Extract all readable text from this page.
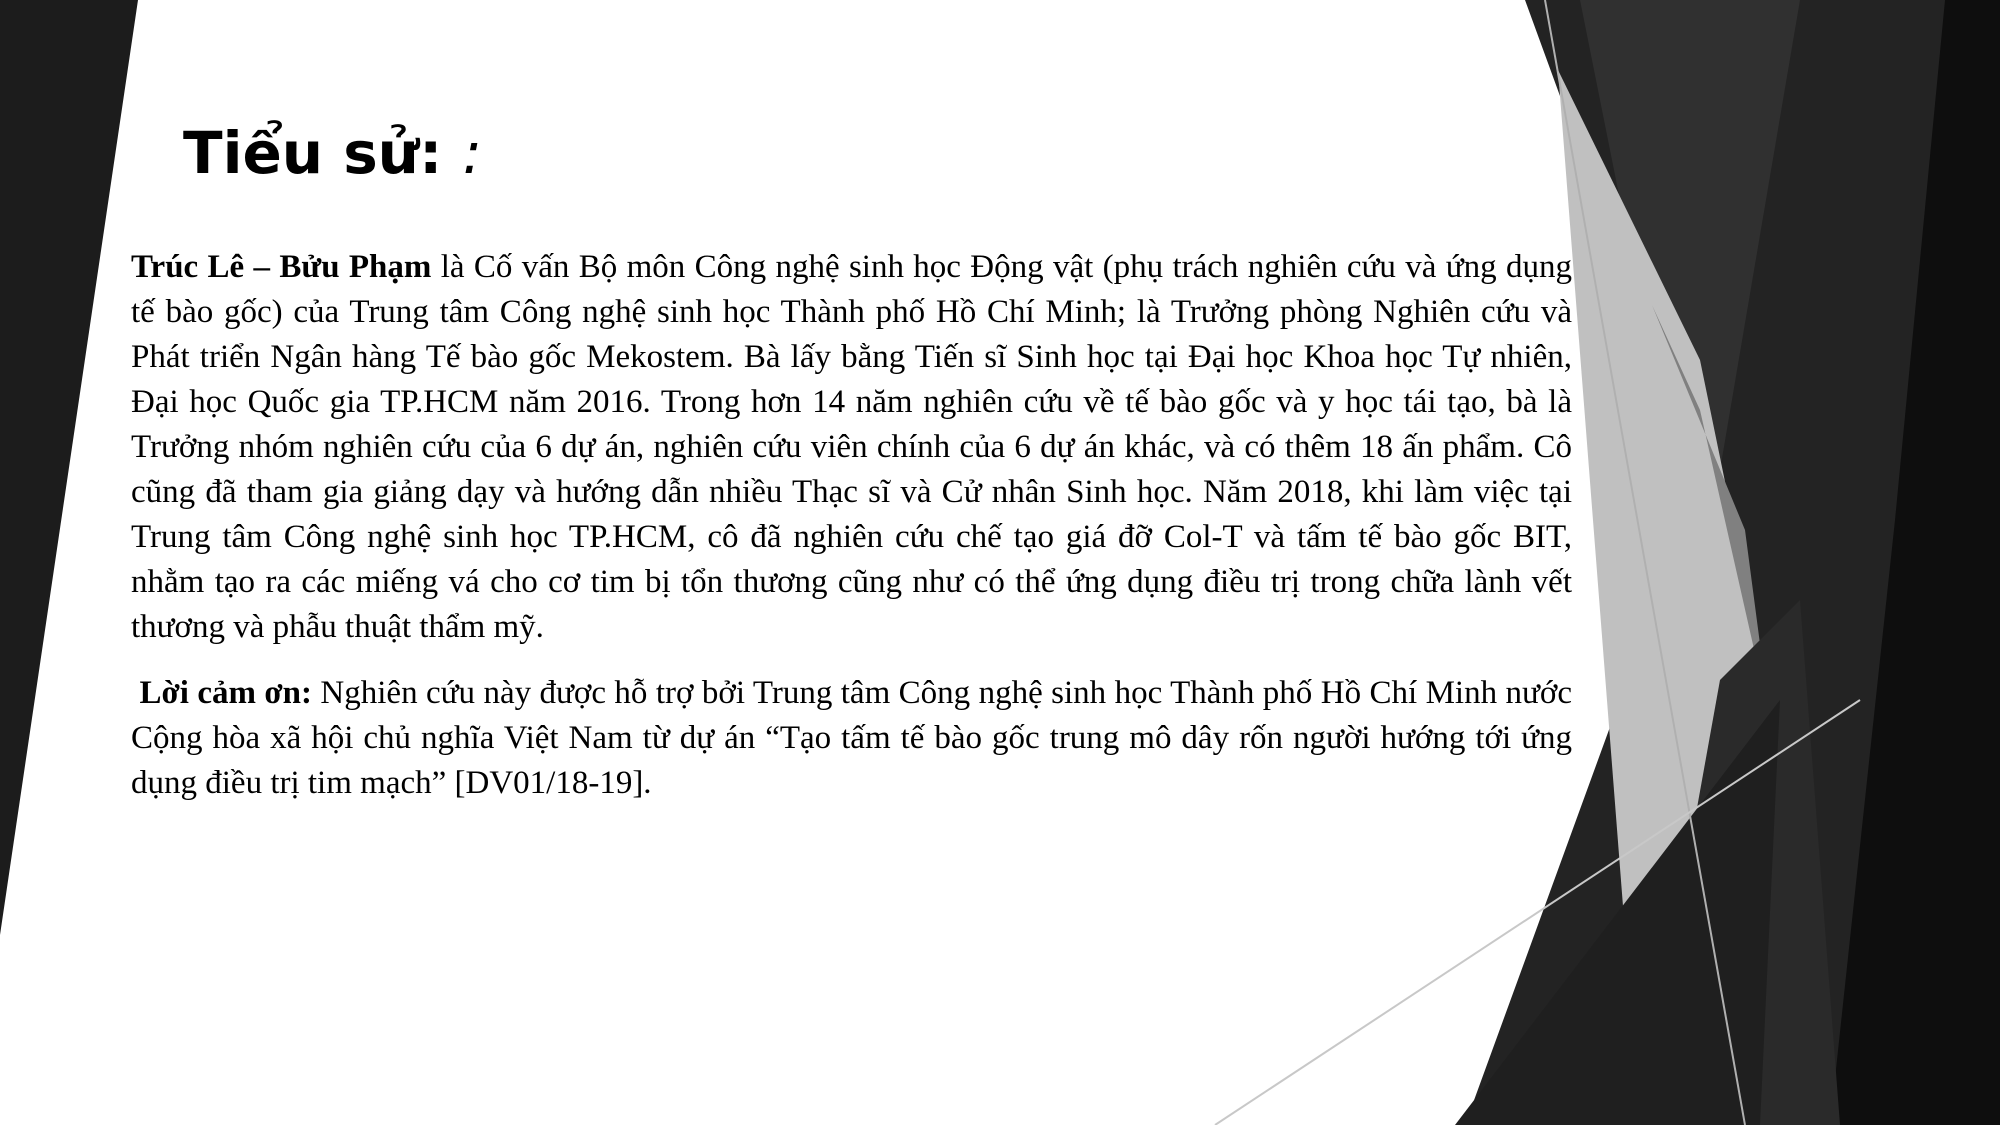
Tiểu sử: :

Trúc Lê – Bửu Phạm là Cố vấn Bộ môn Công nghệ sinh học Động vật (phụ trách nghiên cứu và ứng dụng tế bào gốc) của Trung tâm Công nghệ sinh học Thành phố Hồ Chí Minh; là Trưởng phòng Nghiên cứu và Phát triển Ngân hàng Tế bào gốc Mekostem. Bà lấy bằng Tiến sĩ Sinh học tại Đại học Khoa học Tự nhiên, Đại học Quốc gia TP.HCM năm 2016. Trong hơn 14 năm nghiên cứu về tế bào gốc và y học tái tạo, bà là Trưởng nhóm nghiên cứu của 6 dự án, nghiên cứu viên chính của 6 dự án khác, và có thêm 18 ấn phẩm. Cô cũng đã tham gia giảng dạy và hướng dẫn nhiều Thạc sĩ và Cử nhân Sinh học. Năm 2018, khi làm việc tại Trung tâm Công nghệ sinh học TP.HCM, cô đã nghiên cứu chế tạo giá đỡ Col-T và tấm tế bào gốc BIT, nhằm tạo ra các miếng vá cho cơ tim bị tổn thương cũng như có thể ứng dụng điều trị trong chữa lành vết thương và phẫu thuật thẩm mỹ.

Lời cảm ơn: Nghiên cứu này được hỗ trợ bởi Trung tâm Công nghệ sinh học Thành phố Hồ Chí Minh nước Cộng hòa xã hội chủ nghĩa Việt Nam từ dự án “Tạo tấm tế bào gốc trung mô dây rốn người hướng tới ứng dụng điều trị tim mạch” [DV01/18-19].
